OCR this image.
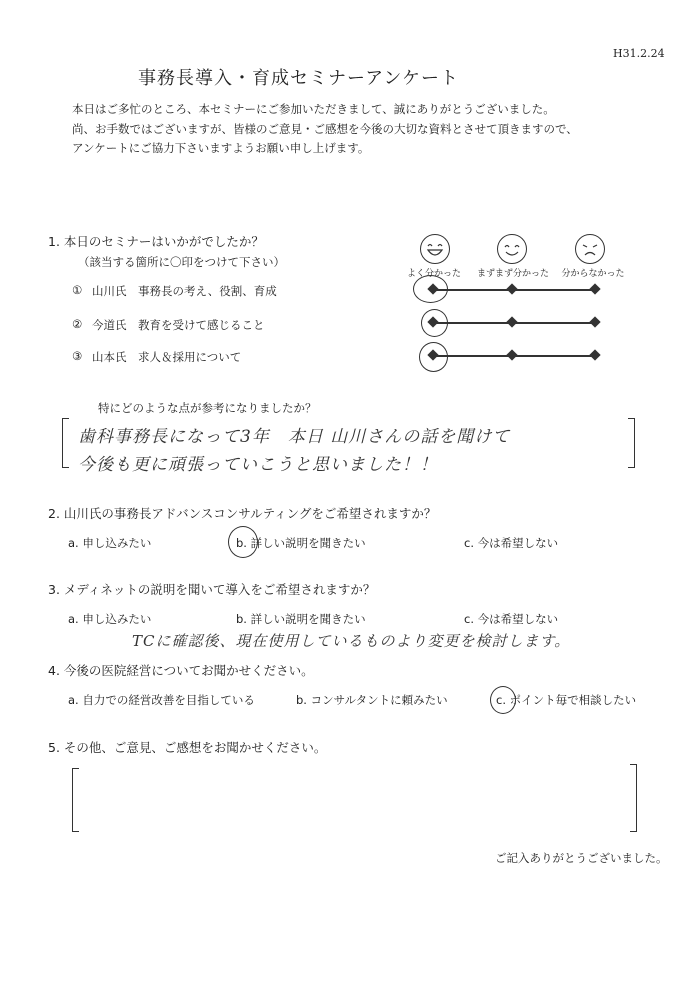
H31.2.24
事務長導入・育成セミナーアンケート
本日はご多忙のところ、本セミナーにご参加いただきまして、誠にありがとうございました。
尚、お手数ではございますが、皆様のご意見・ご感想を今後の大切な資料とさせて頂きますので、
アンケートにご協力下さいますようお願い申し上げます。
1. 本日のセミナーはいかがでしたか？
（該当する箇所に〇印をつけて下さい）
よく分かった	まずまず分かった	分からなかった
① 山川氏　事務長の考え、役割、育成
② 今道氏　教育を受けて感じること
③ 山本氏　求人＆採用について
特にどのような点が参考になりましたか？
歯科事務長になって3年　本日 山川さんの話を聞けて
今後も更に頑張っていこうと思いました！！
2. 山川氏の事務長アドバンスコンサルティングをご希望されますか？
a. 申し込みたい	b. 詳しい説明を聞きたい	c. 今は希望しない
3. メディネットの説明を聞いて導入をご希望されますか？
a. 申し込みたい	b. 詳しい説明を聞きたい	c. 今は希望しない
TCに確認後、現在使用しているものより変更を検討します。
4. 今後の医院経営についてお聞かせください。
a. 自力での経営改善を目指している	b. コンサルタントに頼みたい	c. ポイント毎で相談したい
5. その他、ご意見、ご感想をお聞かせください。
ご記入ありがとうございました。
